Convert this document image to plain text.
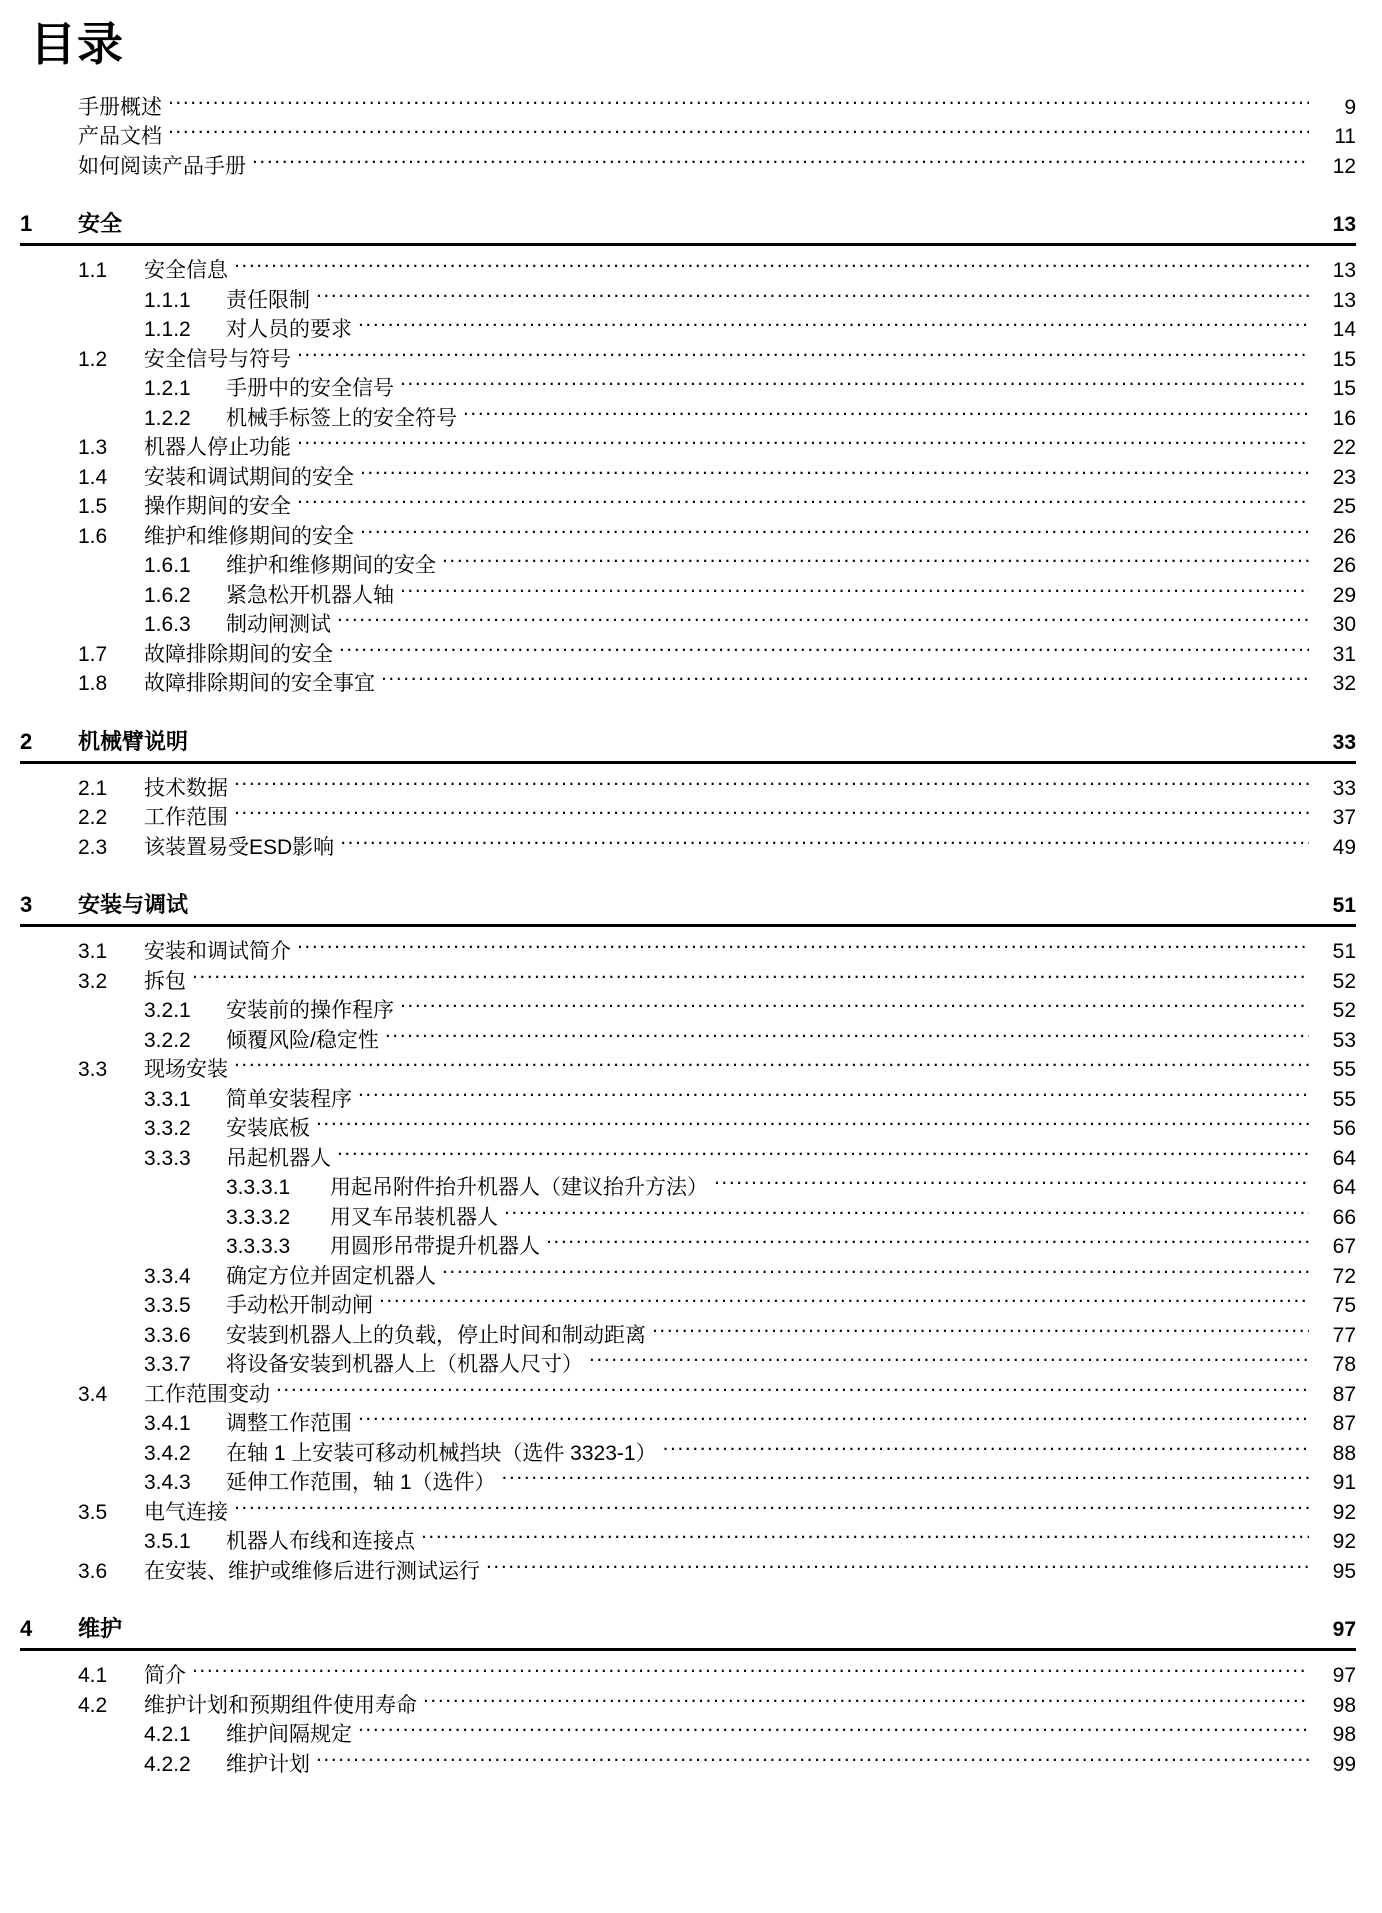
目录
手册概述 .....	9
产品文档 .....	11
如何阅读产品手册 .....	12
1	安全	13
1.1	安全信息 .....	13
1.1.1	责任限制 .....	13
1.1.2	对人员的要求 .....	14
1.2	安全信号与符号 .....	15
1.2.1	手册中的安全信号 .....	15
1.2.2	机械手标签上的安全符号 .....	16
1.3	机器人停止功能 .....	22
1.4	安装和调试期间的安全 .....	23
1.5	操作期间的安全 .....	25
1.6	维护和维修期间的安全 .....	26
1.6.1	维护和维修期间的安全 .....	26
1.6.2	紧急松开机器人轴 .....	29
1.6.3	制动闸测试 .....	30
1.7	故障排除期间的安全 .....	31
1.8	故障排除期间的安全事宜 .....	32
2	机械臂说明	33
2.1	技术数据 .....	33
2.2	工作范围 .....	37
2.3	该装置易受ESD影响 .....	49
3	安装与调试	51
3.1	安装和调试简介 .....	51
3.2	拆包 .....	52
3.2.1	安装前的操作程序 .....	52
3.2.2	倾覆风险/稳定性 .....	53
3.3	现场安装 .....	55
3.3.1	简单安装程序 .....	55
3.3.2	安装底板 .....	56
3.3.3	吊起机器人 .....	64
3.3.3.1	用起吊附件抬升机器人（建议抬升方法） .....	64
3.3.3.2	用叉车吊装机器人 .....	66
3.3.3.3	用圆形吊带提升机器人 .....	67
3.3.4	确定方位并固定机器人 .....	72
3.3.5	手动松开制动闸 .....	75
3.3.6	安装到机器人上的负载，停止时间和制动距离 .....	77
3.3.7	将设备安装到机器人上（机器人尺寸） .....	78
3.4	工作范围变动 .....	87
3.4.1	调整工作范围 .....	87
3.4.2	在轴 1 上安装可移动机械挡块（选件 3323-1） .....	88
3.4.3	延伸工作范围，轴 1（选件） .....	91
3.5	电气连接 .....	92
3.5.1	机器人布线和连接点 .....	92
3.6	在安装、维护或维修后进行测试运行 .....	95
4	维护	97
4.1	简介 .....	97
4.2	维护计划和预期组件使用寿命 .....	98
4.2.1	维护间隔规定 .....	98
4.2.2	维护计划 .....	99
